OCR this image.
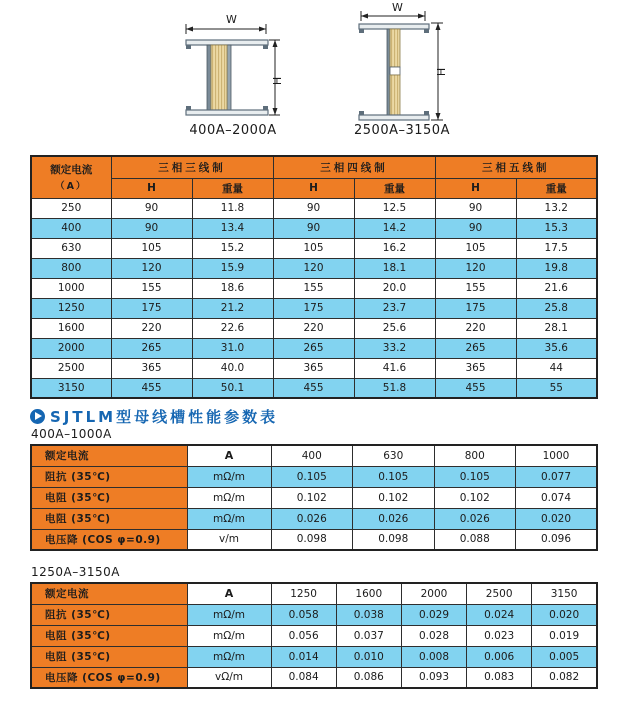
W
H
400A–2000A
W
H
2500A–3150A
额定电流
（A）	三相三线制		三相四线制		三相五线制	
	H	重量	H	重量	H	重量
250	90	11.8	90	12.5	90	13.2
400	90	13.4	90	14.2	90	15.3
630	105	15.2	105	16.2	105	17.5
800	120	15.9	120	18.1	120	19.8
1000	155	18.6	155	20.0	155	21.6
1250	175	21.2	175	23.7	175	25.8
1600	220	22.6	220	25.6	220	28.1
2000	265	31.0	265	33.2	265	35.6
2500	365	40.0	365	41.6	365	44
3150	455	50.1	455	51.8	455	55
SJTLM型母线槽性能参数表
400A–1000A
额定电流	A	400	630	800	1000
阻抗 (35℃)	mΩ/m	0.105	0.105	0.105	0.077
电阻 (35℃)	mΩ/m	0.102	0.102	0.102	0.074
电阻 (35℃)	mΩ/m	0.026	0.026	0.026	0.020
电压降 (COS φ=0.9)	v/m	0.098	0.098	0.088	0.096
1250A–3150A
额定电流	A	1250	1600	2000	2500	3150
阻抗 (35℃)	mΩ/m	0.058	0.038	0.029	0.024	0.020
电阻 (35℃)	mΩ/m	0.056	0.037	0.028	0.023	0.019
电阻 (35℃)	mΩ/m	0.014	0.010	0.008	0.006	0.005
电压降 (COS φ=0.9)	vΩ/m	0.084	0.086	0.093	0.083	0.082
